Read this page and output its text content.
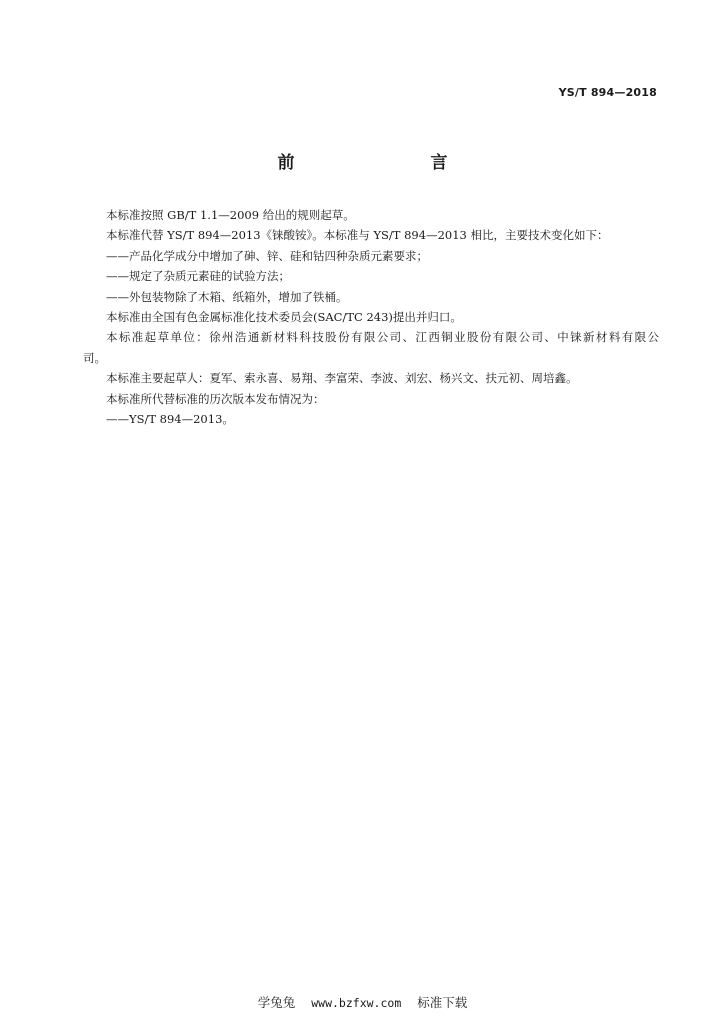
YS/T 894—2018
前　　言

本标准按照 GB/T 1.1—2009 给出的规则起草。

本标准代替 YS/T 894—2013《铼酸铵》。本标准与 YS/T 894—2013 相比，主要技术变化如下：

——产品化学成分中增加了砷、锌、硅和钴四种杂质元素要求；

——规定了杂质元素硅的试验方法；

——外包装物除了木箱、纸箱外，增加了铁桶。

本标准由全国有色金属标准化技术委员会(SAC/TC 243)提出并归口。

本标准起草单位：徐州浩通新材料科技股份有限公司、江西铜业股份有限公司、中铼新材料有限公

司。

本标准主要起草人：夏军、索永喜、易翔、李富荣、李波、刘宏、杨兴文、扶元初、周培鑫。

本标准所代替标准的历次版本发布情况为：

——YS/T 894—2013。

学兔兔 www.bzfxw.com 标准下载
